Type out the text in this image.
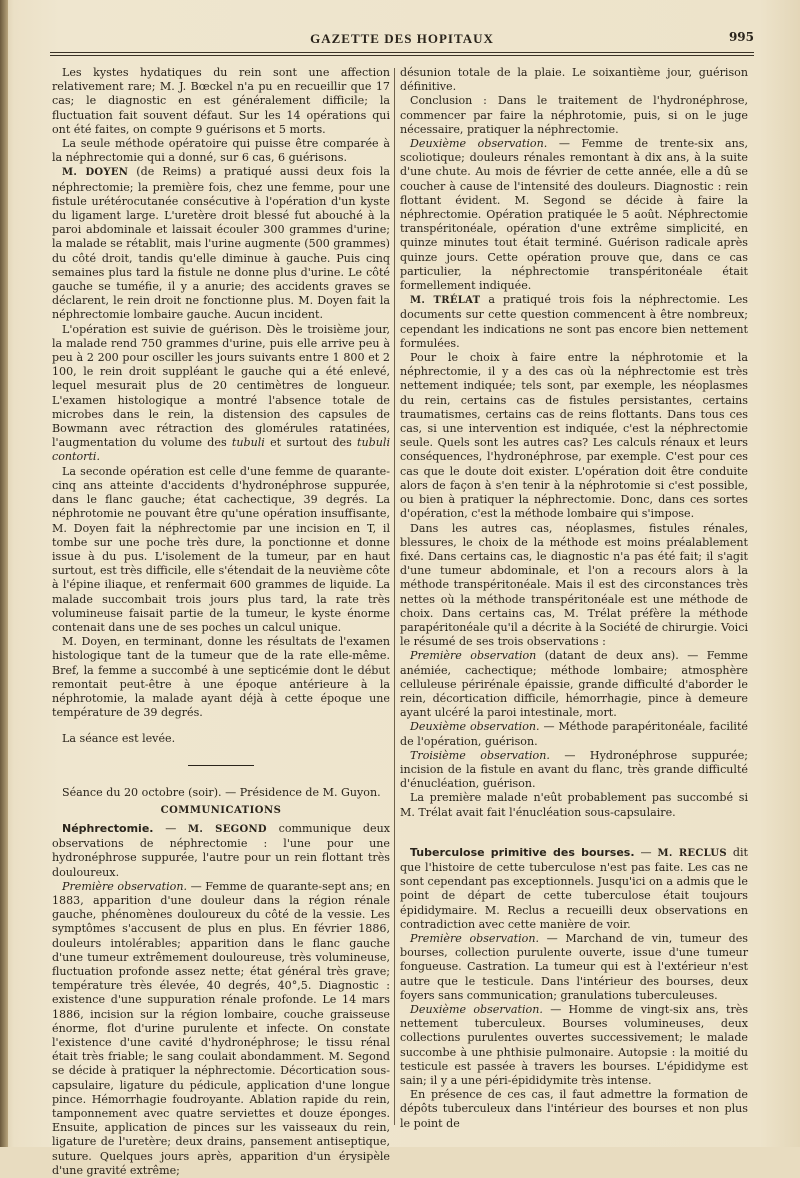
GAZETTE DES HOPITAUX	995

Les kystes hydatiques du rein sont une affection relativement rare; M. J. Bœckel n'a pu en recueillir que 17 cas; le diagnostic en est généralement difficile; la fluctuation fait souvent défaut. Sur les 14 opérations qui ont été faites, on compte 9 guérisons et 5 morts.

La seule méthode opératoire qui puisse être comparée à la néphrectomie qui a donné, sur 6 cas, 6 guérisons.

M. DOYEN (de Reims) a pratiqué aussi deux fois la néphrectomie; la première fois, chez une femme, pour une fistule urétérocutanée consécutive à l'opération d'un kyste du ligament large. L'uretère droit blessé fut abouché à la paroi abdominale et laissait écouler 300 grammes d'urine; la malade se rétablit, mais l'urine augmente (500 grammes) du côté droit, tandis qu'elle diminue à gauche. Puis cinq semaines plus tard la fistule ne donne plus d'urine. Le côté gauche se tuméfie, il y a anurie; des accidents graves se déclarent, le rein droit ne fonctionne plus. M. Doyen fait la néphrectomie lombaire gauche. Aucun incident.

L'opération est suivie de guérison. Dès le troisième jour, la malade rend 750 grammes d'urine, puis elle arrive peu à peu à 2 200 pour osciller les jours suivants entre 1 800 et 2 100, le rein droit suppléant le gauche qui a été enlevé, lequel mesurait plus de 20 centimètres de longueur. L'examen histologique a montré l'absence totale de microbes dans le rein, la distension des capsules de Bowmann avec rétraction des glomérules ratatinées, l'augmentation du volume des tubuli et surtout des tubuli contorti.

La seconde opération est celle d'une femme de quarante-cinq ans atteinte d'accidents d'hydronéphrose suppurée, dans le flanc gauche; état cachectique, 39 degrés. La néphrotomie ne pouvant être qu'une opération insuffisante, M. Doyen fait la néphrectomie par une incision en T, il tombe sur une poche très dure, la ponctionne et donne issue à du pus. L'isolement de la tumeur, par en haut surtout, est très difficile, elle s'étendait de la neuvième côte à l'épine iliaque, et renfermait 600 grammes de liquide. La malade succombait trois jours plus tard, la rate très volumineuse faisait partie de la tumeur, le kyste énorme contenait dans une de ses poches un calcul unique.

M. Doyen, en terminant, donne les résultats de l'examen histologique tant de la tumeur que de la rate elle-même. Bref, la femme a succombé à une septicémie dont le début remontait peut-être à une époque antérieure à la néphrotomie, la malade ayant déjà à cette époque une température de 39 degrés.

La séance est levée.

Séance du 20 octobre (soir). — Présidence de M. Guyon.

COMMUNICATIONS

Néphrectomie. — M. SEGOND communique deux observations de néphrectomie : l'une pour une hydronéphrose suppurée, l'autre pour un rein flottant très douloureux.

Première observation. — Femme de quarante-sept ans; en 1883, apparition d'une douleur dans la région rénale gauche, phénomènes douloureux du côté de la vessie. Les symptômes s'accusent de plus en plus. En février 1886, douleurs intolérables; apparition dans le flanc gauche d'une tumeur extrêmement douloureuse, très volumineuse, fluctuation profonde assez nette; état général très grave; température très élevée, 40 degrés, 40°,5. Diagnostic : existence d'une suppuration rénale profonde. Le 14 mars 1886, incision sur la région lombaire, couche graisseuse énorme, flot d'urine purulente et infecte. On constate l'existence d'une cavité d'hydronéphrose; le tissu rénal était très friable; le sang coulait abondamment. M. Segond se décide à pratiquer la néphrectomie. Décortication sous-capsulaire, ligature du pédicule, application d'une longue pince. Hémorrhagie foudroyante. Ablation rapide du rein, tamponnement avec quatre serviettes et douze éponges. Ensuite, application de pinces sur les vaisseaux du rein, ligature de l'uretère; deux drains, pansement antiseptique, suture. Quelques jours après, apparition d'un érysipèle d'une gravité extrême;

désunion totale de la plaie. Le soixantième jour, guérison définitive.

Conclusion : Dans le traitement de l'hydronéphrose, commencer par faire la néphrotomie, puis, si on le juge nécessaire, pratiquer la néphrectomie.

Deuxième observation. — Femme de trente-six ans, scoliotique; douleurs rénales remontant à dix ans, à la suite d'une chute. Au mois de février de cette année, elle a dû se coucher à cause de l'intensité des douleurs. Diagnostic : rein flottant évident. M. Segond se décide à faire la néphrectomie. Opération pratiquée le 5 août. Néphrectomie transpéritonéale, opération d'une extrême simplicité, en quinze minutes tout était terminé. Guérison radicale après quinze jours. Cette opération prouve que, dans ce cas particulier, la néphrectomie transpéritonéale était formellement indiquée.

M. TRÉLAT a pratiqué trois fois la néphrectomie. Les documents sur cette question commencent à être nombreux; cependant les indications ne sont pas encore bien nettement formulées.

Pour le choix à faire entre la néphrotomie et la néphrectomie, il y a des cas où la néphrectomie est très nettement indiquée; tels sont, par exemple, les néoplasmes du rein, certains cas de fistules persistantes, certains traumatismes, certains cas de reins flottants. Dans tous ces cas, si une intervention est indiquée, c'est la néphrectomie seule. Quels sont les autres cas? Les calculs rénaux et leurs conséquences, l'hydronéphrose, par exemple. C'est pour ces cas que le doute doit exister. L'opération doit être conduite alors de façon à s'en tenir à la néphrotomie si c'est possible, ou bien à pratiquer la néphrectomie. Donc, dans ces sortes d'opération, c'est la méthode lombaire qui s'impose.

Dans les autres cas, néoplasmes, fistules rénales, blessures, le choix de la méthode est moins préalablement fixé. Dans certains cas, le diagnostic n'a pas été fait; il s'agit d'une tumeur abdominale, et l'on a recours alors à la méthode transpéritonéale. Mais il est des circonstances très nettes où la méthode transpéritonéale est une méthode de choix. Dans certains cas, M. Trélat préfère la méthode parapéritonéale qu'il a décrite à la Société de chirurgie. Voici le résumé de ses trois observations :

Première observation (datant de deux ans). — Femme anémiée, cachectique; méthode lombaire; atmosphère celluleuse périrénale épaissie, grande difficulté d'aborder le rein, décortication difficile, hémorrhagie, pince à demeure ayant ulcéré la paroi intestinale, mort.

Deuxième observation. — Méthode parapéritonéale, facilité de l'opération, guérison.

Troisième observation. — Hydronéphrose suppurée; incision de la fistule en avant du flanc, très grande difficulté d'énucléation, guérison.

La première malade n'eût probablement pas succombé si M. Trélat avait fait l'énucléation sous-capsulaire.

Tuberculose primitive des bourses. — M. RECLUS dit que l'histoire de cette tuberculose n'est pas faite. Les cas ne sont cependant pas exceptionnels. Jusqu'ici on a admis que le point de départ de cette tuberculose était toujours épididymaire. M. Reclus a recueilli deux observations en contradiction avec cette manière de voir.

Première observation. — Marchand de vin, tumeur des bourses, collection purulente ouverte, issue d'une tumeur fongueuse. Castration. La tumeur qui est à l'extérieur n'est autre que le testicule. Dans l'intérieur des bourses, deux foyers sans communication; granulations tuberculeuses.

Deuxième observation. — Homme de vingt-six ans, très nettement tuberculeux. Bourses volumineuses, deux collections purulentes ouvertes successivement; le malade succombe à une phthisie pulmonaire. Autopsie : la moitié du testicule est passée à travers les bourses. L'épididyme est sain; il y a une péri-épididymite très intense.

En présence de ces cas, il faut admettre la formation de dépôts tuberculeux dans l'intérieur des bourses et non plus le point de
